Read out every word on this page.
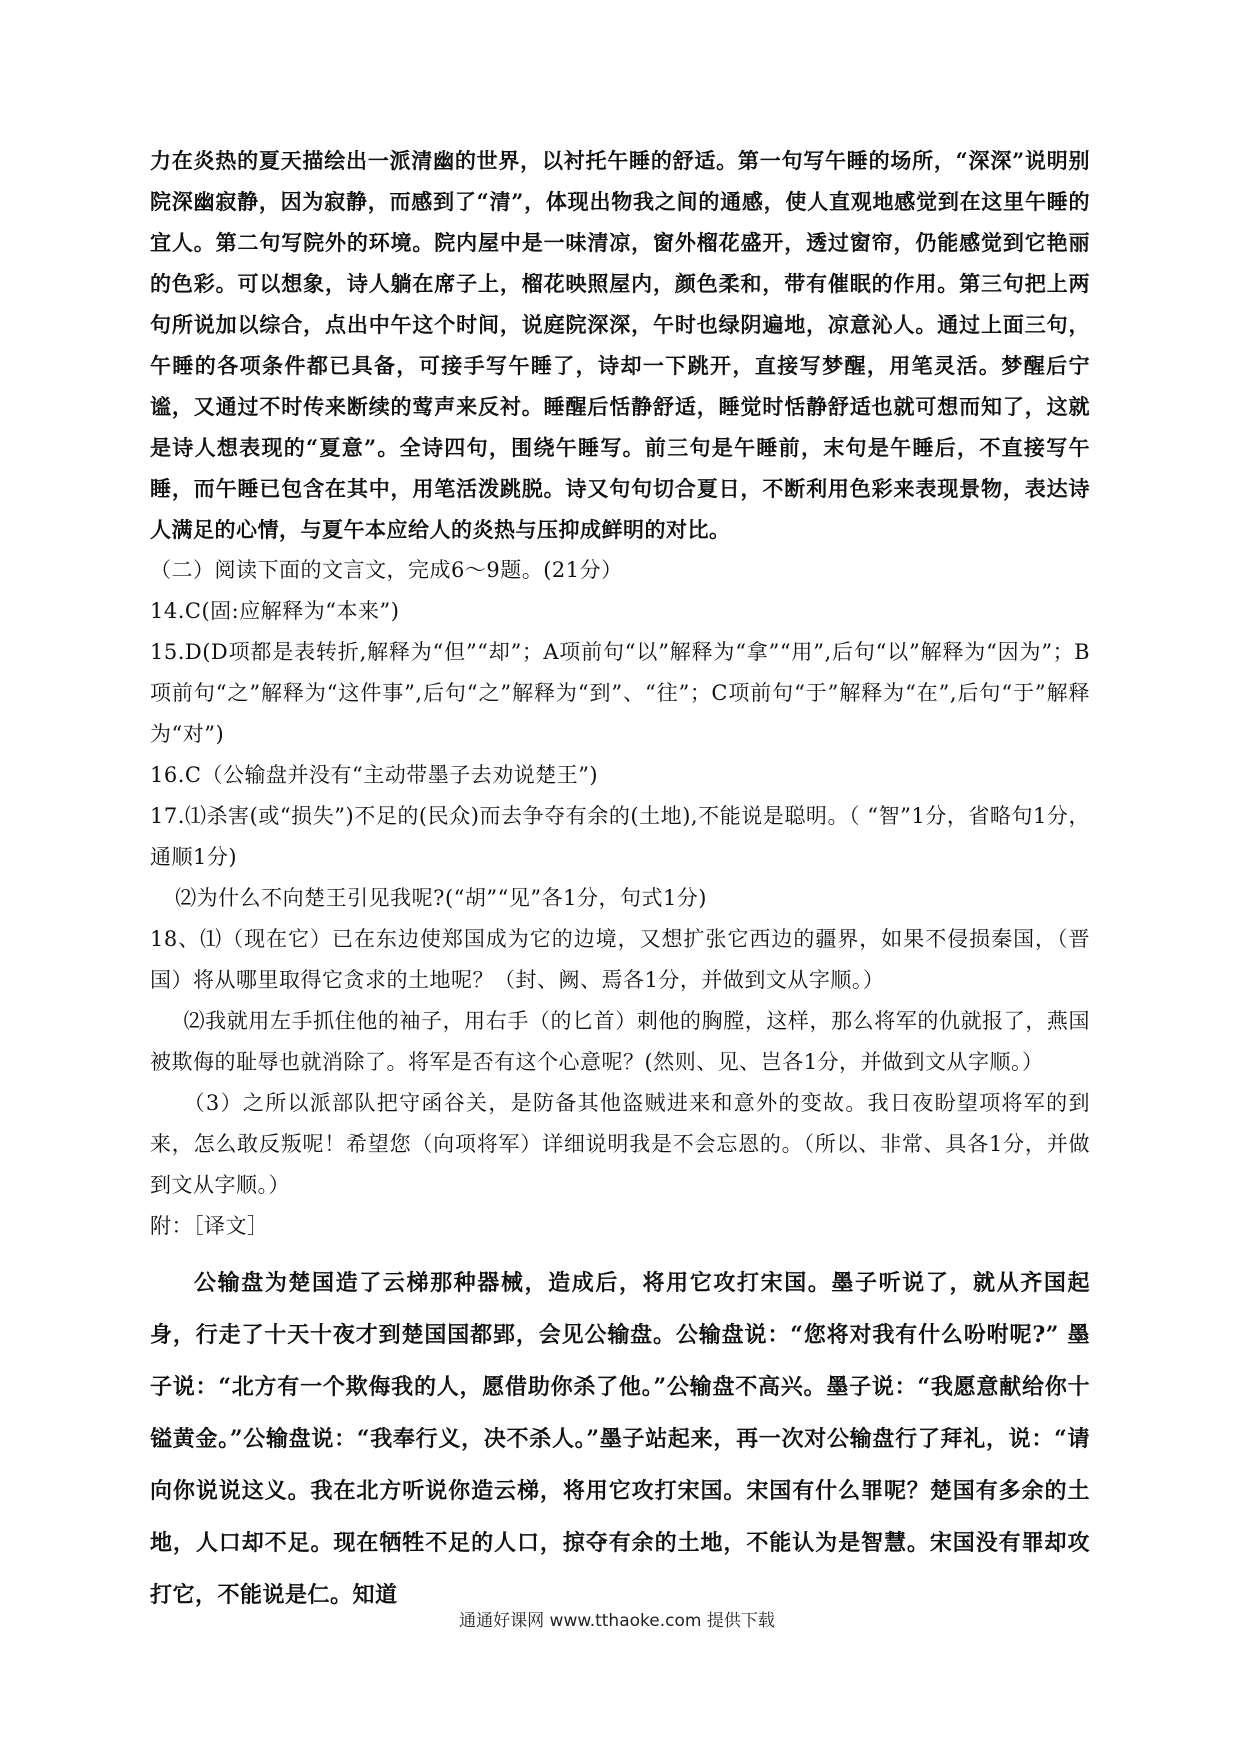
力在炎热的夏天描绘出一派清幽的世界，以衬托午睡的舒适。第一句写午睡的场所，“深深”说明别院深幽寂静，因为寂静，而感到了“清”，体现出物我之间的通感，使人直观地感觉到在这里午睡的宜人。第二句写院外的环境。院内屋中是一味清凉，窗外榴花盛开，透过窗帘，仍能感觉到它艳丽的色彩。可以想象，诗人躺在席子上，榴花映照屋内，颜色柔和，带有催眠的作用。第三句把上两句所说加以综合，点出中午这个时间，说庭院深深，午时也绿阴遍地，凉意沁人。通过上面三句，午睡的各项条件都已具备，可接手写午睡了，诗却一下跳开，直接写梦醒，用笔灵活。梦醒后宁谧，又通过不时传来断续的莺声来反衬。睡醒后恬静舒适，睡觉时恬静舒适也就可想而知了，这就是诗人想表现的“夏意”。全诗四句，围绕午睡写。前三句是午睡前，末句是午睡后，不直接写午睡，而午睡已包含在其中，用笔活泼跳脱。诗又句句切合夏日，不断利用色彩来表现景物，表达诗人满足的心情，与夏午本应给人的炎热与压抑成鲜明的对比。

（二）阅读下面的文言文，完成6～9题。(21分）

14.C(固:应解释为“本来”)

15.D(D项都是表转折,解释为“但”“却”；A项前句“以”解释为“拿”“用”,后句“以”解释为“因为”；B项前句“之”解释为“这件事”,后句“之”解释为“到”、“往”；C项前句“于”解释为“在”,后句“于”解释为“对”)

16.C（公输盘并没有“主动带墨子去劝说楚王”)

17.⑴杀害(或“损失”)不足的(民众)而去争夺有余的(土地),不能说是聪明。（ “智”1分，省略句1分，通顺1分)

⑵为什么不向楚王引见我呢?(“胡”“见”各1分，句式1分)

18、⑴（现在它）已在东边使郑国成为它的边境，又想扩张它西边的疆界，如果不侵损秦国，（晋国）将从哪里取得它贪求的土地呢？（封、阙、焉各1分，并做到文从字顺。）

⑵我就用左手抓住他的袖子，用右手（的匕首）刺他的胸膛，这样，那么将军的仇就报了，燕国被欺侮的耻辱也就消除了。将军是否有这个心意呢？(然则、见、岂各1分，并做到文从字顺。）

（3）之所以派部队把守函谷关，是防备其他盗贼进来和意外的变故。我日夜盼望项将军的到来，怎么敢反叛呢！希望您（向项将军）详细说明我是不会忘恩的。（所以、非常、具各1分，并做到文从字顺。）

附：［译文］

公输盘为楚国造了云梯那种器械，造成后，将用它攻打宋国。墨子听说了，就从齐国起身，行走了十天十夜才到楚国国都郢，会见公输盘。公输盘说：“您将对我有什么吩咐呢?” 墨子说：“北方有一个欺侮我的人，愿借助你杀了他。”公输盘不高兴。墨子说：“我愿意献给你十镒黄金。”公输盘说：“我奉行义，决不杀人。”墨子站起来，再一次对公输盘行了拜礼，说：“请向你说说这义。我在北方听说你造云梯，将用它攻打宋国。宋国有什么罪呢？楚国有多余的土地，人口却不足。现在牺牲不足的人口，掠夺有余的土地，不能认为是智慧。宋国没有罪却攻打它，不能说是仁。知道

通通好课网 www.tthaoke.com 提供下载
